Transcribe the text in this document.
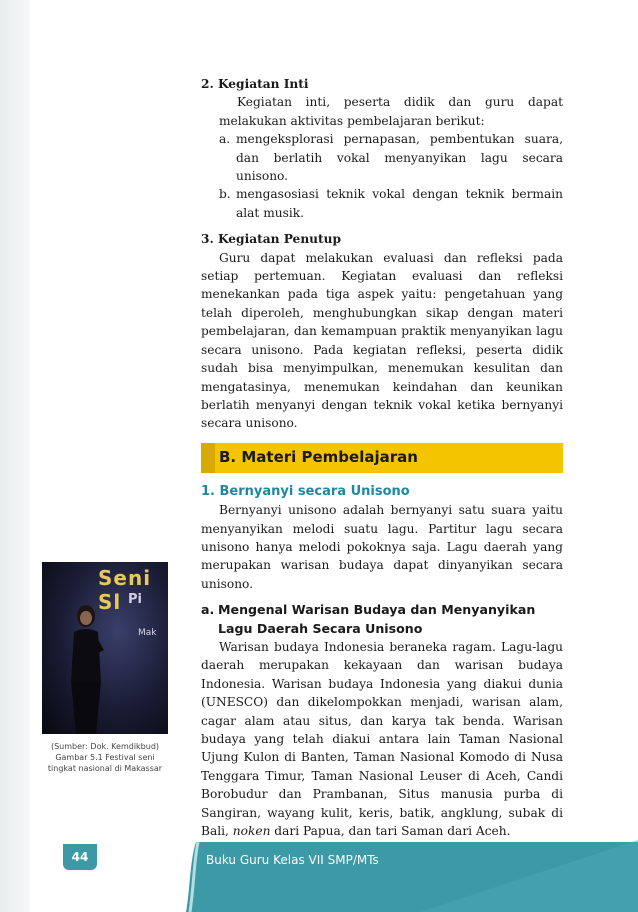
2. Kegiatan Inti

Kegiatan inti, peserta didik dan guru dapat melakukan aktivitas pembelajaran berikut:

a. mengeksplorasi pernapasan, pembentukan suara, dan berlatih vokal menyanyikan lagu secara unisono.
b. mengasosiasi teknik vokal dengan teknik bermain alat musik.

3. Kegiatan Penutup

Guru dapat melakukan evaluasi dan refleksi pada setiap pertemuan. Kegiatan evaluasi dan refleksi menekankan pada tiga aspek yaitu: pengetahuan yang telah diperoleh, menghubungkan sikap dengan materi pembelajaran, dan kemampuan praktik menyanyikan lagu secara unisono. Pada kegiatan refleksi, peserta didik sudah bisa menyimpulkan, menemukan kesulitan dan mengatasinya, menemukan keindahan dan keunikan berlatih menyanyi dengan teknik vokal ketika bernyanyi secara unisono.

B. Materi Pembelajaran

1. Bernyanyi secara Unisono

Bernyanyi unisono adalah bernyanyi satu suara yaitu menyanyikan melodi suatu lagu. Partitur lagu secara unisono hanya melodi pokoknya saja. Lagu daerah yang merupakan warisan budaya dapat dinyanyikan secara unisono.

a. Mengenal Warisan Budaya dan Menyanyikan Lagu Daerah Secara Unisono

Warisan budaya Indonesia beraneka ragam. Lagu-lagu daerah merupakan kekayaan dan warisan budaya Indonesia. Warisan budaya Indonesia yang diakui dunia (UNESCO) dan dikelompokkan menjadi, warisan alam, cagar alam atau situs, dan karya tak benda. Warisan budaya yang telah diakui antara lain Taman Nasional Ujung Kulon di Banten, Taman Nasional Komodo di Nusa Tenggara Timur, Taman Nasional Leuser di Aceh, Candi Borobudur dan Prambanan, Situs manusia purba di Sangiran, wayang kulit, keris, batik, angklung, subak di Bali, noken dari Papua, dan tari Saman dari Aceh.

Seni Sl Pi
Mak
(Sumber: Dok. Kemdikbud)
Gambar 5.1 Festival seni tingkat nasional di Makassar
44	Buku Guru Kelas VII SMP/MTs
